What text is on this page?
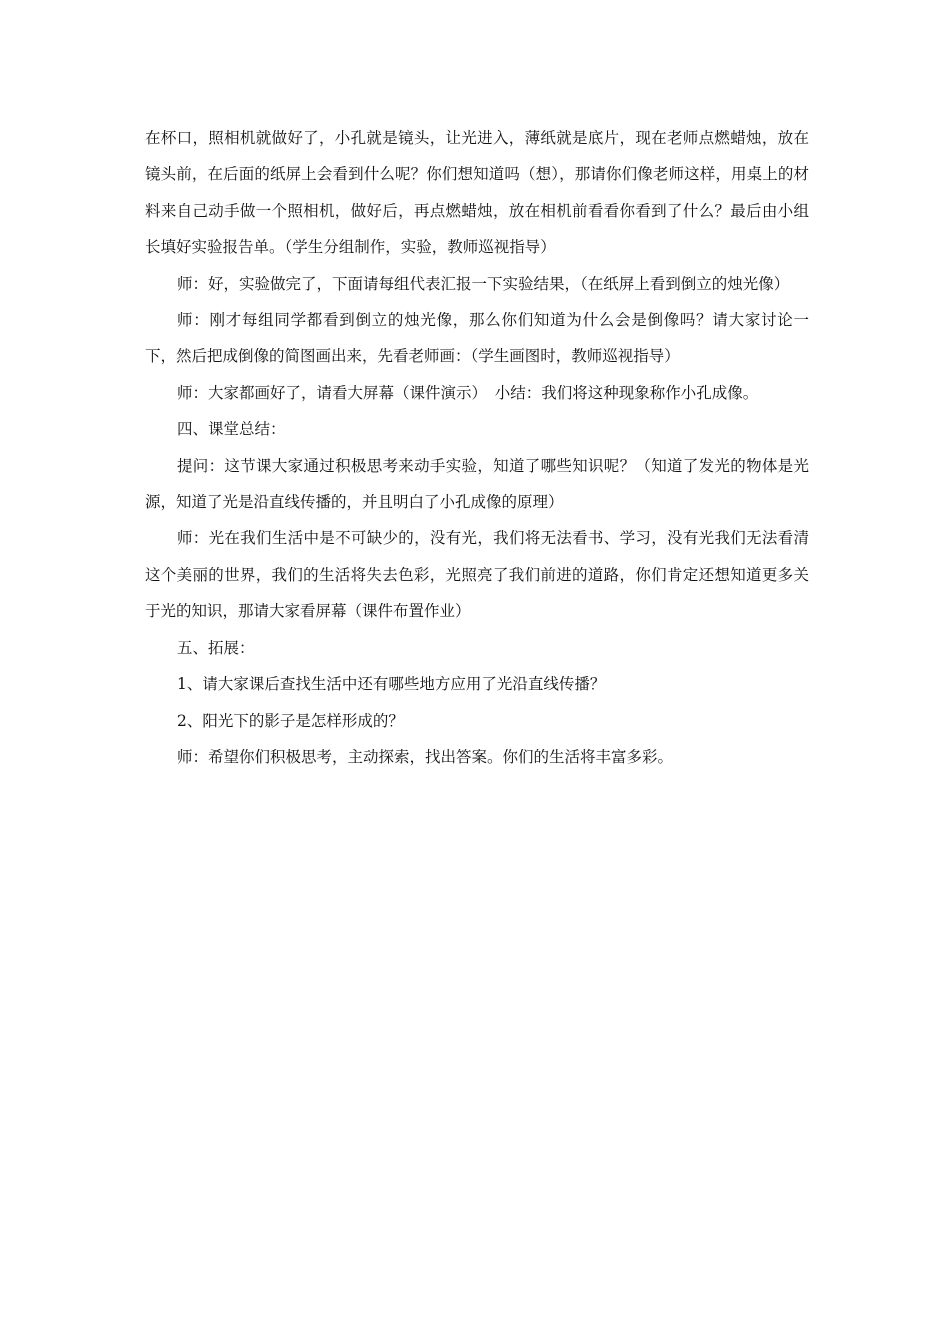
在杯口，照相机就做好了，小孔就是镜头，让光进入，薄纸就是底片，现在老师点燃蜡烛，放在镜头前，在后面的纸屏上会看到什么呢？你们想知道吗（想），那请你们像老师这样，用桌上的材料来自己动手做一个照相机，做好后，再点燃蜡烛，放在相机前看看你看到了什么？最后由小组长填好实验报告单。（学生分组制作，实验，教师巡视指导）

师：好，实验做完了，下面请每组代表汇报一下实验结果，（在纸屏上看到倒立的烛光像）

师：刚才每组同学都看到倒立的烛光像，那么你们知道为什么会是倒像吗？请大家讨论一下，然后把成倒像的简图画出来，先看老师画：（学生画图时，教师巡视指导）

师：大家都画好了，请看大屏幕（课件演示）　小结：我们将这种现象称作小孔成像。

四、课堂总结：

提问：这节课大家通过积极思考来动手实验，知道了哪些知识呢？（知道了发光的物体是光源，知道了光是沿直线传播的，并且明白了小孔成像的原理）

师：光在我们生活中是不可缺少的，没有光，我们将无法看书、学习，没有光我们无法看清这个美丽的世界，我们的生活将失去色彩，光照亮了我们前进的道路，你们肯定还想知道更多关于光的知识，那请大家看屏幕（课件布置作业）

五、拓展：

1、请大家课后查找生活中还有哪些地方应用了光沿直线传播？

2、阳光下的影子是怎样形成的？

师：希望你们积极思考，主动探索，找出答案。你们的生活将丰富多彩。
